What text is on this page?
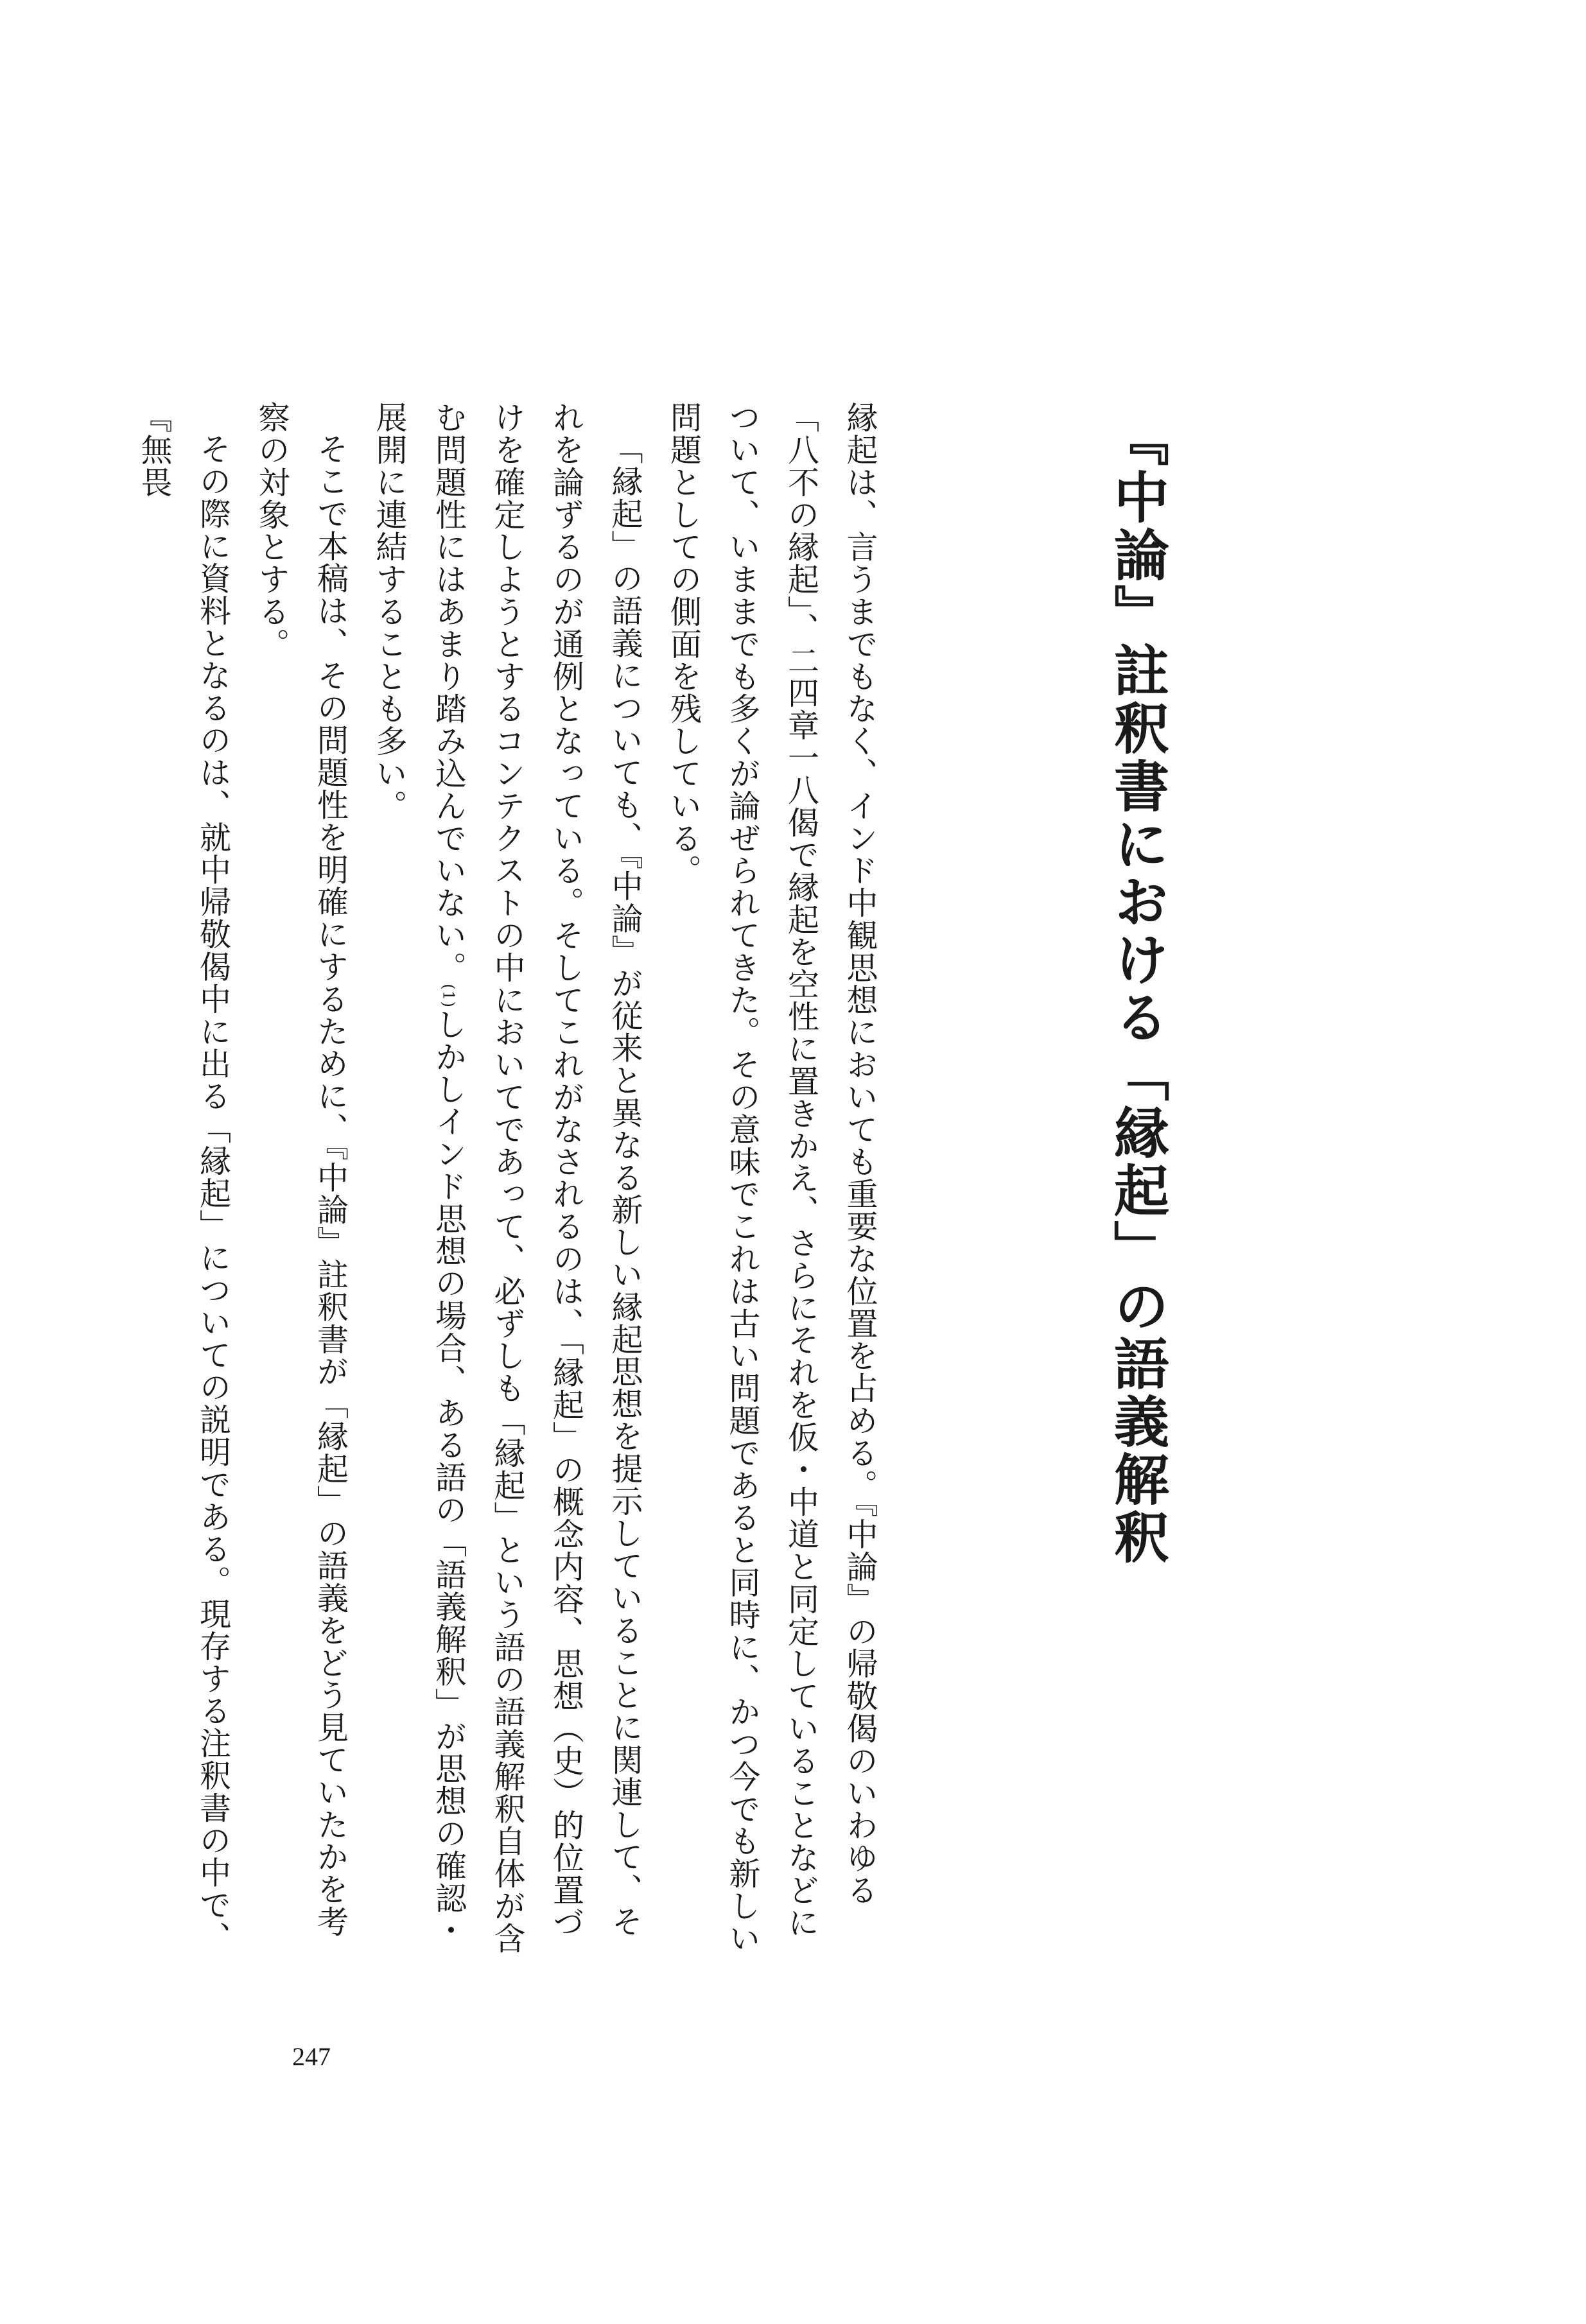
『中論』註釈書における「縁起」の語義解釈

縁起は、言うまでもなく、インド中観思想においても重要な位置を占める。『中論』の帰敬偈のいわゆる「八不の縁起」、二四章一八偈で縁起を空性に置きかえ、さらにそれを仮・中道と同定していることなどについて、いままでも多くが論ぜられてきた。その意味でこれは古い問題であると同時に、かつ今でも新しい問題としての側面を残している。

「縁起」の語義についても、『中論』が従来と異なる新しい縁起思想を提示していることに関連して、それを論ずるのが通例となっている。そしてこれがなされるのは、「縁起」の概念内容、思想（史）的位置づけを確定しようとするコンテクストの中においてであって、必ずしも「縁起」という語の語義解釈自体が含む問題性にはあまり踏み込んでいない。(1)しかしインド思想の場合、ある語の「語義解釈」が思想の確認・展開に連結することも多い。

そこで本稿は、その問題性を明確にするために、『中論』註釈書が「縁起」の語義をどう見ていたかを考察の対象とする。

その際に資料となるのは、就中帰敬偈中に出る「縁起」についての説明である。現存する注釈書の中で、『無畏

247
